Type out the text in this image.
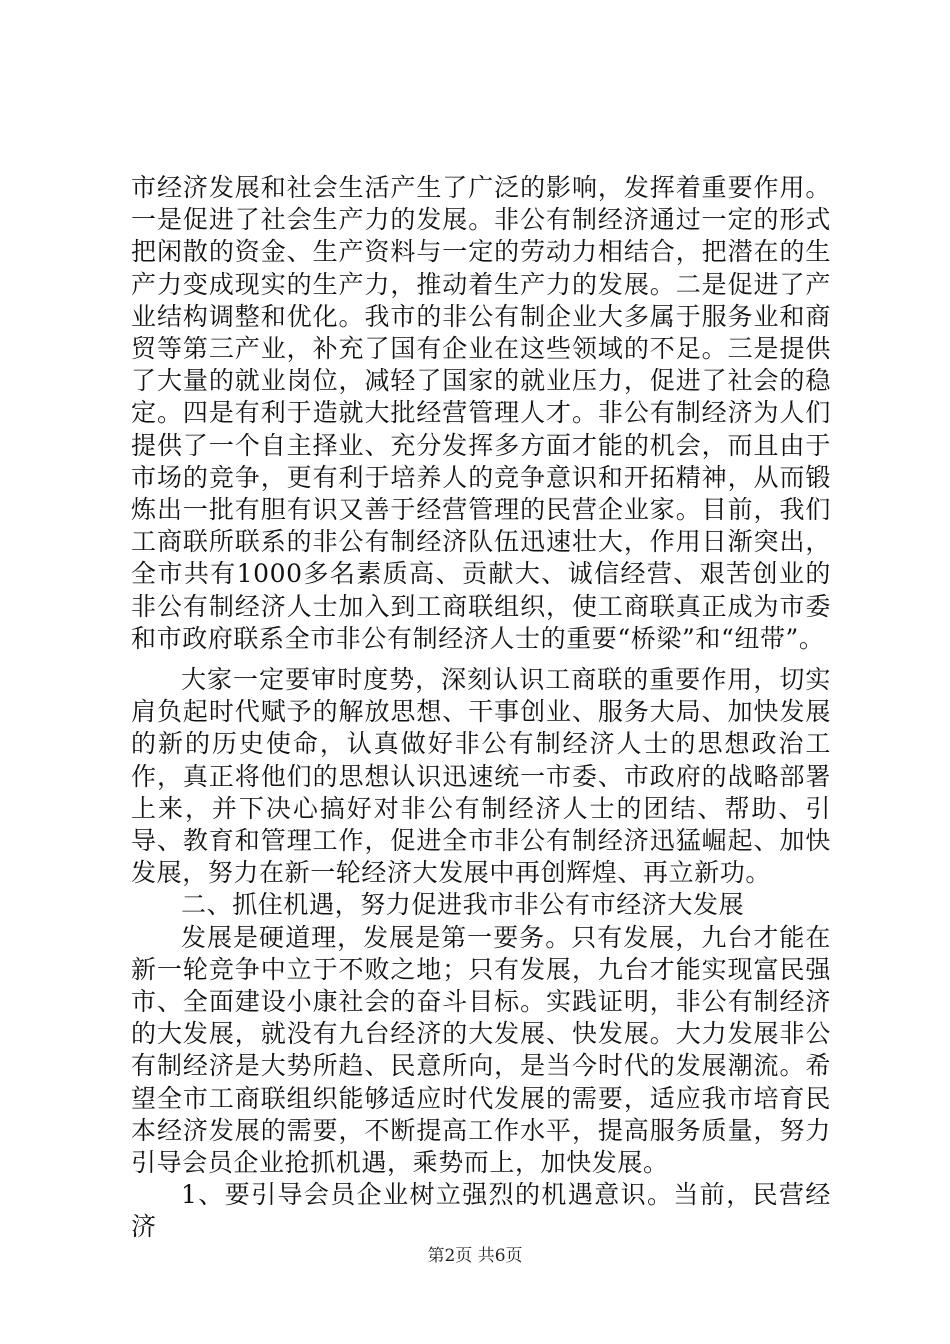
市经济发展和社会生活产生了广泛的影响，发挥着重要作用。一是促进了社会生产力的发展。非公有制经济通过一定的形式把闲散的资金、生产资料与一定的劳动力相结合，把潜在的生产力变成现实的生产力，推动着生产力的发展。二是促进了产业结构调整和优化。我市的非公有制企业大多属于服务业和商贸等第三产业，补充了国有企业在这些领域的不足。三是提供了大量的就业岗位，减轻了国家的就业压力，促进了社会的稳定。四是有利于造就大批经营管理人才。非公有制经济为人们提供了一个自主择业、充分发挥多方面才能的机会，而且由于市场的竞争，更有利于培养人的竞争意识和开拓精神，从而锻炼出一批有胆有识又善于经营管理的民营企业家。目前，我们工商联所联系的非公有制经济队伍迅速壮大，作用日渐突出，全市共有1000多名素质高、贡献大、诚信经营、艰苦创业的非公有制经济人士加入到工商联组织，使工商联真正成为市委和市政府联系全市非公有制经济人士的重要“桥梁”和“纽带”。

大家一定要审时度势，深刻认识工商联的重要作用，切实肩负起时代赋予的解放思想、干事创业、服务大局、加快发展的新的历史使命，认真做好非公有制经济人士的思想政治工作，真正将他们的思想认识迅速统一市委、市政府的战略部署上来，并下决心搞好对非公有制经济人士的团结、帮助、引导、教育和管理工作，促进全市非公有制经济迅猛崛起、加快发展，努力在新一轮经济大发展中再创辉煌、再立新功。

二、抓住机遇，努力促进我市非公有市经济大发展

发展是硬道理，发展是第一要务。只有发展，九台才能在新一轮竞争中立于不败之地；只有发展，九台才能实现富民强市、全面建设小康社会的奋斗目标。实践证明，非公有制经济的大发展，就没有九台经济的大发展、快发展。大力发展非公有制经济是大势所趋、民意所向，是当今时代的发展潮流。希望全市工商联组织能够适应时代发展的需要，适应我市培育民本经济发展的需要，不断提高工作水平，提高服务质量，努力引导会员企业抢抓机遇，乘势而上，加快发展。

1、要引导会员企业树立强烈的机遇意识。当前，民营经济

第2页 共6页
